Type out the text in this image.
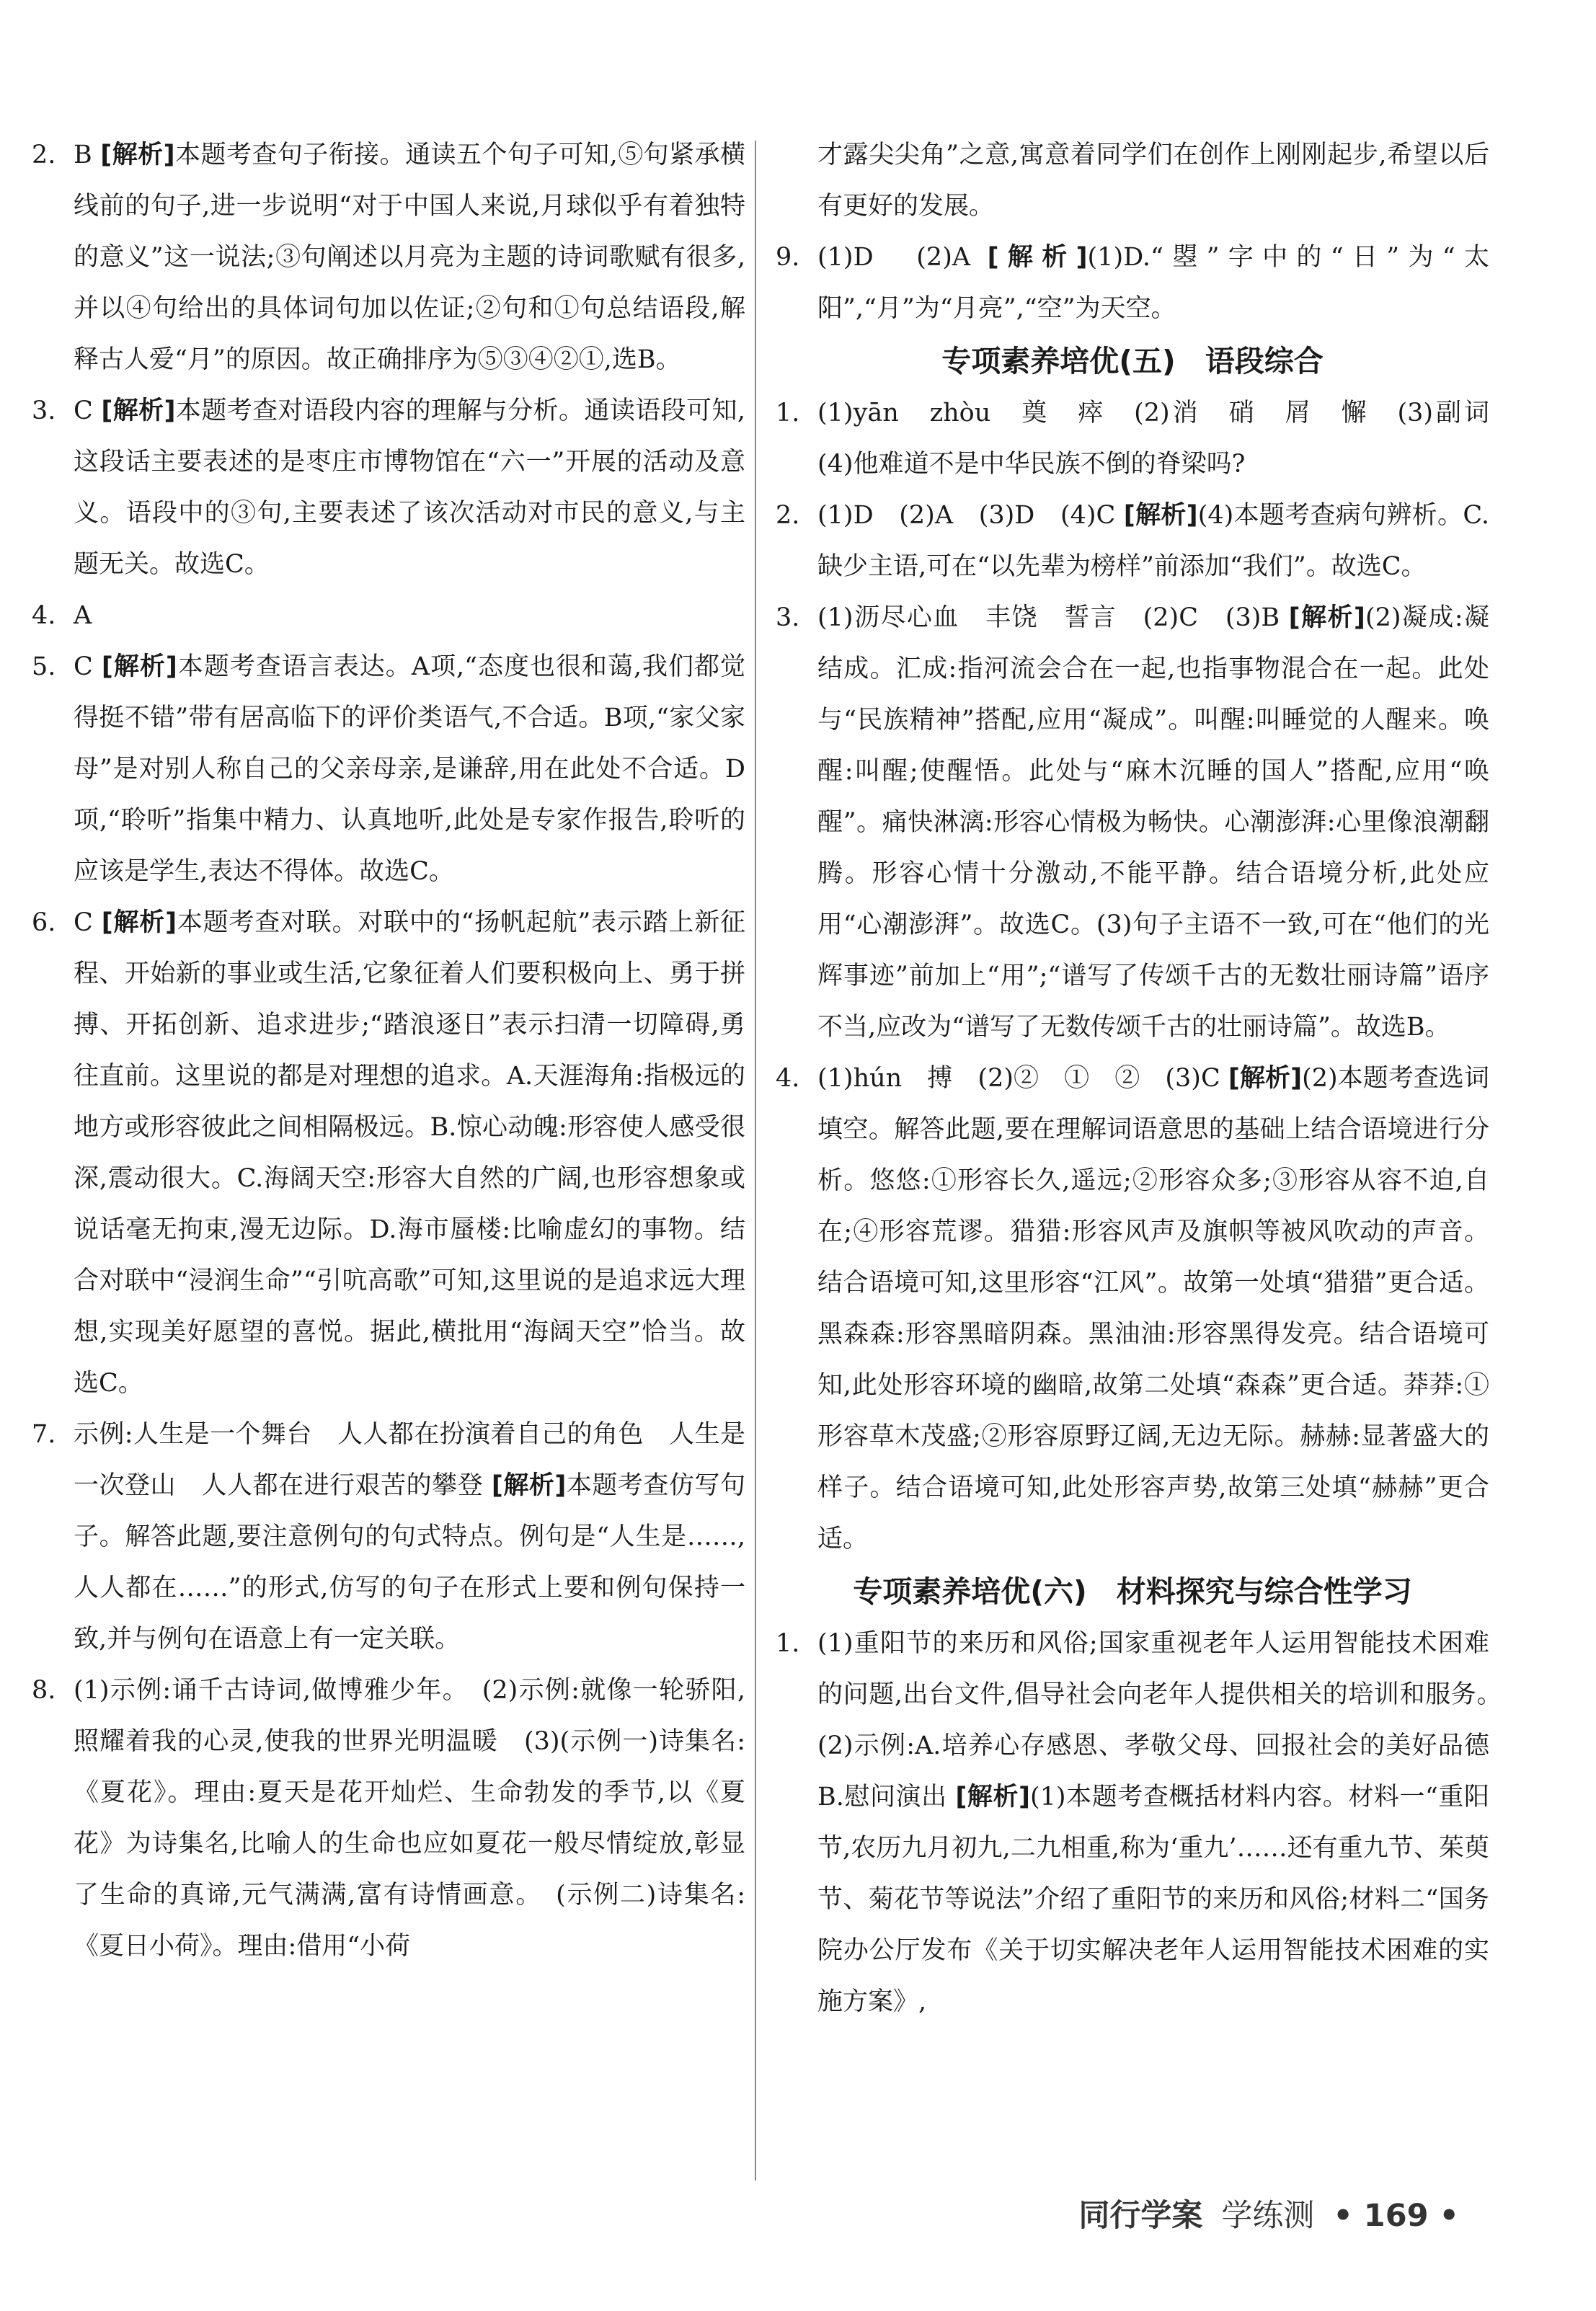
2. B [解析]本题考查句子衔接。通读五个句子可知,⑤句紧承横线前的句子,进一步说明“对于中国人来说,月球似乎有着独特的意义”这一说法;③句阐述以月亮为主题的诗词歌赋有很多,并以④句给出的具体词句加以佐证;②句和①句总结语段,解释古人爱“月”的原因。故正确排序为⑤③④②①,选B。

3. C [解析]本题考查对语段内容的理解与分析。通读语段可知,这段话主要表述的是枣庄市博物馆在“六一”开展的活动及意义。语段中的③句,主要表述了该次活动对市民的意义,与主题无关。故选C。

4. A

5. C [解析]本题考查语言表达。A项,“态度也很和蔼,我们都觉得挺不错”带有居高临下的评价类语气,不合适。B项,“家父家母”是对别人称自己的父亲母亲,是谦辞,用在此处不合适。D项,“聆听”指集中精力、认真地听,此处是专家作报告,聆听的应该是学生,表达不得体。故选C。

6. C [解析]本题考查对联。对联中的“扬帆起航”表示踏上新征程、开始新的事业或生活,它象征着人们要积极向上、勇于拼搏、开拓创新、追求进步;“踏浪逐日”表示扫清一切障碍,勇往直前。这里说的都是对理想的追求。A.天涯海角:指极远的地方或形容彼此之间相隔极远。B.惊心动魄:形容使人感受很深,震动很大。C.海阔天空:形容大自然的广阔,也形容想象或说话毫无拘束,漫无边际。D.海市蜃楼:比喻虚幻的事物。结合对联中“浸润生命”“引吭高歌”可知,这里说的是追求远大理想,实现美好愿望的喜悦。据此,横批用“海阔天空”恰当。故选C。

7. 示例:人生是一个舞台　人人都在扮演着自己的角色　人生是一次登山　人人都在进行艰苦的攀登 [解析]本题考查仿写句子。解答此题,要注意例句的句式特点。例句是“人生是……,人人都在……”的形式,仿写的句子在形式上要和例句保持一致,并与例句在语意上有一定关联。

8. (1)示例:诵千古诗词,做博雅少年。　(2)示例:就像一轮骄阳,照耀着我的心灵,使我的世界光明温暖　(3)(示例一)诗集名:《夏花》。理由:夏天是花开灿烂、生命勃发的季节,以《夏花》为诗集名,比喻人的生命也应如夏花一般尽情绽放,彰显了生命的真谛,元气满满,富有诗情画意。　(示例二)诗集名:《夏日小荷》。理由:借用“小荷

才露尖尖角”之意,寓意着同学们在创作上刚刚起步,希望以后有更好的发展。

9. (1)D　(2)A [解析](1)D.“曌”字中的“日”为“太阳”,“月”为“月亮”,“空”为天空。

专项素养培优(五)　语段综合

1. (1)yān　zhòu　奠　瘁　(2)消　硝　屑　懈　(3)副词　(4)他难道不是中华民族不倒的脊梁吗?

2. (1)D　(2)A　(3)D　(4)C [解析](4)本题考查病句辨析。C.缺少主语,可在“以先辈为榜样”前添加“我们”。故选C。

3. (1)沥尽心血　丰饶　誓言　(2)C　(3)B [解析](2)凝成:凝结成。汇成:指河流会合在一起,也指事物混合在一起。此处与“民族精神”搭配,应用“凝成”。叫醒:叫睡觉的人醒来。唤醒:叫醒;使醒悟。此处与“麻木沉睡的国人”搭配,应用“唤醒”。痛快淋漓:形容心情极为畅快。心潮澎湃:心里像浪潮翻腾。形容心情十分激动,不能平静。结合语境分析,此处应用“心潮澎湃”。故选C。(3)句子主语不一致,可在“他们的光辉事迹”前加上“用”;“谱写了传颂千古的无数壮丽诗篇”语序不当,应改为“谱写了无数传颂千古的壮丽诗篇”。故选B。

4. (1)hún　搏　(2)②　①　②　(3)C [解析](2)本题考查选词填空。解答此题,要在理解词语意思的基础上结合语境进行分析。悠悠:①形容长久,遥远;②形容众多;③形容从容不迫,自在;④形容荒谬。猎猎:形容风声及旗帜等被风吹动的声音。结合语境可知,这里形容“江风”。故第一处填“猎猎”更合适。黑森森:形容黑暗阴森。黑油油:形容黑得发亮。结合语境可知,此处形容环境的幽暗,故第二处填“森森”更合适。莽莽:①形容草木茂盛;②形容原野辽阔,无边无际。赫赫:显著盛大的样子。结合语境可知,此处形容声势,故第三处填“赫赫”更合适。

专项素养培优(六)　材料探究与综合性学习

1. (1)重阳节的来历和风俗;国家重视老年人运用智能技术困难的问题,出台文件,倡导社会向老年人提供相关的培训和服务。　(2)示例:A.培养心存感恩、孝敬父母、回报社会的美好品德　B.慰问演出 [解析](1)本题考查概括材料内容。材料一“重阳节,农历九月初九,二九相重,称为‘重九’……还有重九节、茱萸节、菊花节等说法”介绍了重阳节的来历和风俗;材料二“国务院办公厅发布《关于切实解决老年人运用智能技术困难的实施方案》,

同行学案 学练测 • 169 •
